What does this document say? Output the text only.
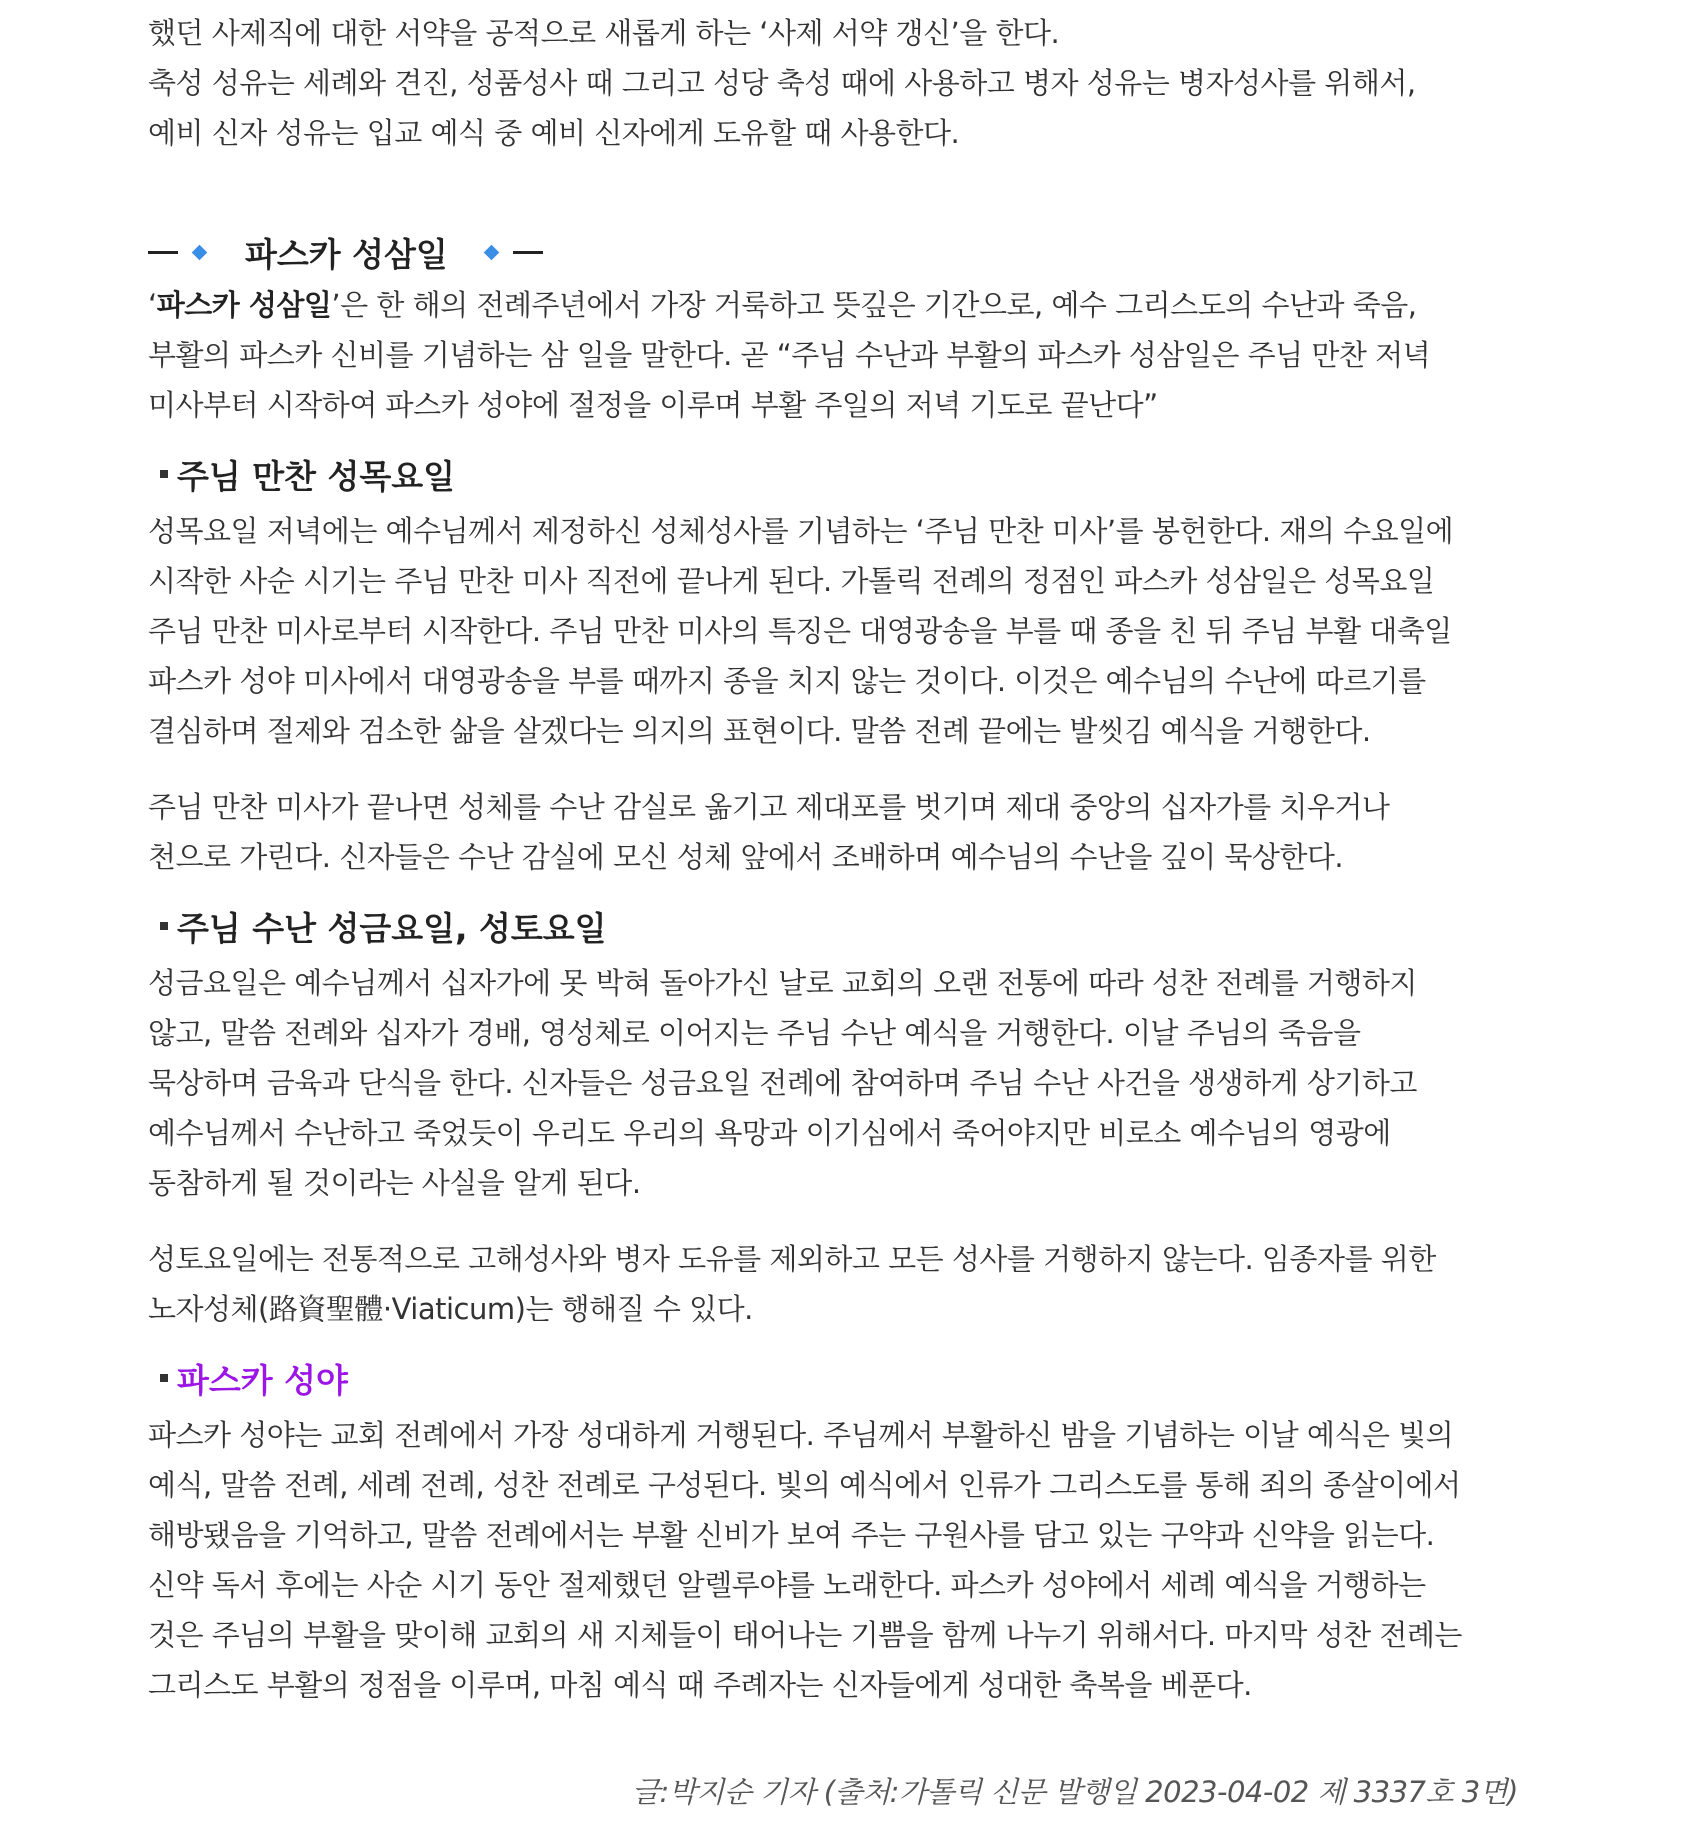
했던 사제직에 대한 서약을 공적으로 새롭게 하는 ‘사제 서약 갱신’을 한다.
축성 성유는 세례와 견진, 성품성사 때 그리고 성당 축성 때에 사용하고 병자 성유는 병자성사를 위해서,
예비 신자 성유는 입교 예식 중 예비 신자에게 도유할 때 사용한다.

파스카 성삼일

‘파스카 성삼일’은 한 해의 전례주년에서 가장 거룩하고 뜻깊은 기간으로, 예수 그리스도의 수난과 죽음,
부활의 파스카 신비를 기념하는 삼 일을 말한다. 곧 “주님 수난과 부활의 파스카 성삼일은 주님 만찬 저녁
미사부터 시작하여 파스카 성야에 절정을 이루며 부활 주일의 저녁 기도로 끝난다”

주님 만찬 성목요일

성목요일 저녁에는 예수님께서 제정하신 성체성사를 기념하는 ‘주님 만찬 미사’를 봉헌한다. 재의 수요일에
시작한 사순 시기는 주님 만찬 미사 직전에 끝나게 된다. 가톨릭 전례의 정점인 파스카 성삼일은 성목요일
주님 만찬 미사로부터 시작한다. 주님 만찬 미사의 특징은 대영광송을 부를 때 종을 친 뒤 주님 부활 대축일
파스카 성야 미사에서 대영광송을 부를 때까지 종을 치지 않는 것이다. 이것은 예수님의 수난에 따르기를
결심하며 절제와 검소한 삶을 살겠다는 의지의 표현이다. 말씀 전례 끝에는 발씻김 예식을 거행한다.

주님 만찬 미사가 끝나면 성체를 수난 감실로 옮기고 제대포를 벗기며 제대 중앙의 십자가를 치우거나
천으로 가린다. 신자들은 수난 감실에 모신 성체 앞에서 조배하며 예수님의 수난을 깊이 묵상한다.

주님 수난 성금요일, 성토요일

성금요일은 예수님께서 십자가에 못 박혀 돌아가신 날로 교회의 오랜 전통에 따라 성찬 전례를 거행하지
않고, 말씀 전례와 십자가 경배, 영성체로 이어지는 주님 수난 예식을 거행한다. 이날 주님의 죽음을
묵상하며 금육과 단식을 한다. 신자들은 성금요일 전례에 참여하며 주님 수난 사건을 생생하게 상기하고
예수님께서 수난하고 죽었듯이 우리도 우리의 욕망과 이기심에서 죽어야지만 비로소 예수님의 영광에
동참하게 될 것이라는 사실을 알게 된다.

성토요일에는 전통적으로 고해성사와 병자 도유를 제외하고 모든 성사를 거행하지 않는다. 임종자를 위한
노자성체(路資聖體·Viaticum)는 행해질 수 있다.

파스카 성야

파스카 성야는 교회 전례에서 가장 성대하게 거행된다. 주님께서 부활하신 밤을 기념하는 이날 예식은 빛의
예식, 말씀 전례, 세례 전례, 성찬 전례로 구성된다. 빛의 예식에서 인류가 그리스도를 통해 죄의 종살이에서
해방됐음을 기억하고, 말씀 전례에서는 부활 신비가 보여 주는 구원사를 담고 있는 구약과 신약을 읽는다.
신약 독서 후에는 사순 시기 동안 절제했던 알렐루야를 노래한다. 파스카 성야에서 세례 예식을 거행하는
것은 주님의 부활을 맞이해 교회의 새 지체들이 태어나는 기쁨을 함께 나누기 위해서다. 마지막 성찬 전례는
그리스도 부활의 정점을 이루며, 마침 예식 때 주례자는 신자들에게 성대한 축복을 베푼다.

글:박지순 기자 (출처:가톨릭 신문 발행일 2023-04-02 제 3337호 3면)
